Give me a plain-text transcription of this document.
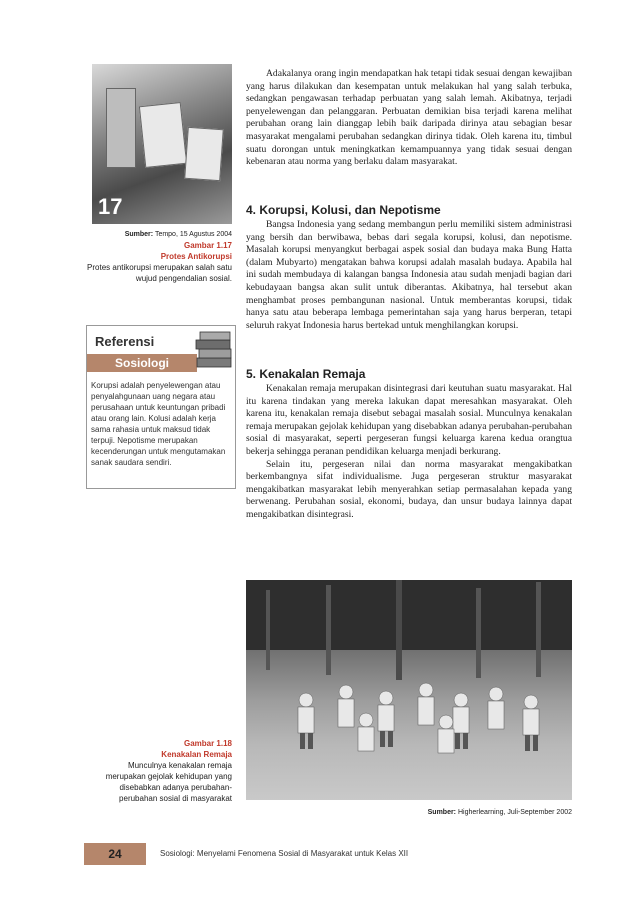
17
Sumber: Tempo, 15 Agustus 2004
Gambar 1.17
Protes Antikorupsi
Protes antikorupsi merupakan salah satu wujud pengendalian sosial.
Referensi
Sosiologi
Korupsi adalah penyelewengan atau penyalahgunaan uang negara atau perusahaan untuk keuntungan pribadi atau orang lain. Kolusi adalah kerja sama rahasia untuk maksud tidak terpuji. Nepotisme merupakan kecenderungan untuk mengutamakan sanak saudara sendiri.

Adakalanya orang ingin mendapatkan hak tetapi tidak sesuai dengan kewajiban yang harus dilakukan dan kesempatan untuk melakukan hal yang salah terbuka, sedangkan pengawasan terhadap perbuatan yang salah lemah. Akibatnya, terjadi penyelewengan dan pelanggaran. Perbuatan demikian bisa terjadi karena melihat perubahan orang lain dianggap lebih baik daripada dirinya atau sebagian besar masyarakat mengalami perubahan sedangkan dirinya tidak. Oleh karena itu, timbul suatu dorongan untuk meningkatkan kemampuannya yang tidak sesuai dengan kebenaran atau norma yang berlaku dalam masyarakat.

4. Korupsi, Kolusi, dan Nepotisme

Bangsa Indonesia yang sedang membangun perlu memiliki sistem administrasi yang bersih dan berwibawa, bebas dari segala korupsi, kolusi, dan nepotisme. Masalah korupsi menyangkut berbagai aspek sosial dan budaya maka Bung Hatta (dalam Mubyarto) mengatakan bahwa korupsi adalah masalah budaya. Apabila hal ini sudah membudaya di kalangan bangsa Indonesia atau sudah menjadi bagian dari kebudayaan bangsa akan sulit untuk diberantas. Akibatnya, hal tersebut akan menghambat proses pembangunan nasional. Untuk memberantas korupsi, tidak hanya satu atau beberapa lembaga pemerintahan saja yang harus berperan, tetapi seluruh rakyat Indonesia harus bertekad untuk menghilangkan korupsi.

5. Kenakalan Remaja

Kenakalan remaja merupakan disintegrasi dari keutuhan suatu masyarakat. Hal itu karena tindakan yang mereka lakukan dapat meresahkan masyarakat. Oleh karena itu, kenakalan remaja disebut sebagai masalah sosial. Munculnya kenakalan remaja merupakan gejolak kehidupan yang disebabkan adanya perubahan-perubahan sosial di masyarakat, seperti pergeseran fungsi keluarga karena kedua orangtua bekerja sehingga peranan pendidikan keluarga menjadi berkurang.

Selain itu, pergeseran nilai dan norma masyarakat mengakibatkan berkembangnya sifat individualisme. Juga pergeseran struktur masyarakat mengakibatkan masyarakat lebih menyerahkan setiap permasalahan kepada yang berwenang. Perubahan sosial, ekonomi, budaya, dan unsur budaya lainnya dapat mengakibatkan disintegrasi.

Gambar 1.18
Kenakalan Remaja
Munculnya kenakalan remaja merupakan gejolak kehidupan yang disebabkan adanya perubahan-perubahan sosial di masyarakat
Sumber: Higherlearning, Juli-September 2002
24	Sosiologi: Menyelami Fenomena Sosial di Masyarakat untuk Kelas XII
